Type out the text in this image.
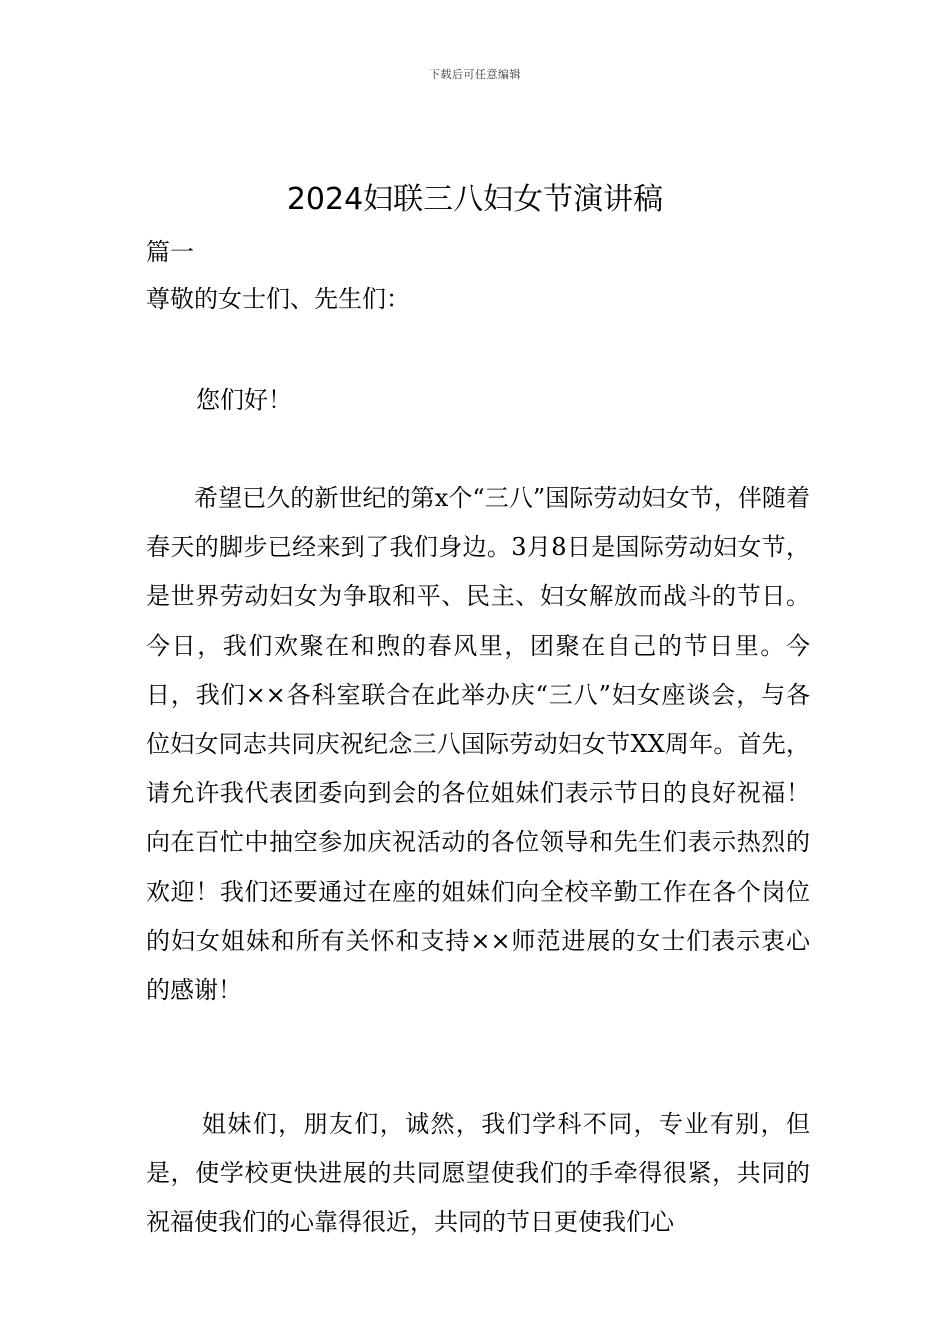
下载后可任意编辑
2024妇联三八妇女节演讲稿

篇一

尊敬的女士们、先生们：

您们好！

希望已久的新世纪的第x个“三八”国际劳动妇女节，伴随着春天的脚步已经来到了我们身边。3月8日是国际劳动妇女节，是世界劳动妇女为争取和平、民主、妇女解放而战斗的节日。今日，我们欢聚在和煦的春风里，团聚在自己的节日里。今日，我们××各科室联合在此举办庆“三八”妇女座谈会，与各位妇女同志共同庆祝纪念三八国际劳动妇女节XX周年。首先，请允许我代表团委向到会的各位姐妹们表示节日的良好祝福！向在百忙中抽空参加庆祝活动的各位领导和先生们表示热烈的欢迎！我们还要通过在座的姐妹们向全校辛勤工作在各个岗位的妇女姐妹和所有关怀和支持××师范进展的女士们表示衷心的感谢！

姐妹们，朋友们，诚然，我们学科不同，专业有别，但是，使学校更快进展的共同愿望使我们的手牵得很紧，共同的祝福使我们的心靠得很近，共同的节日更使我们心
